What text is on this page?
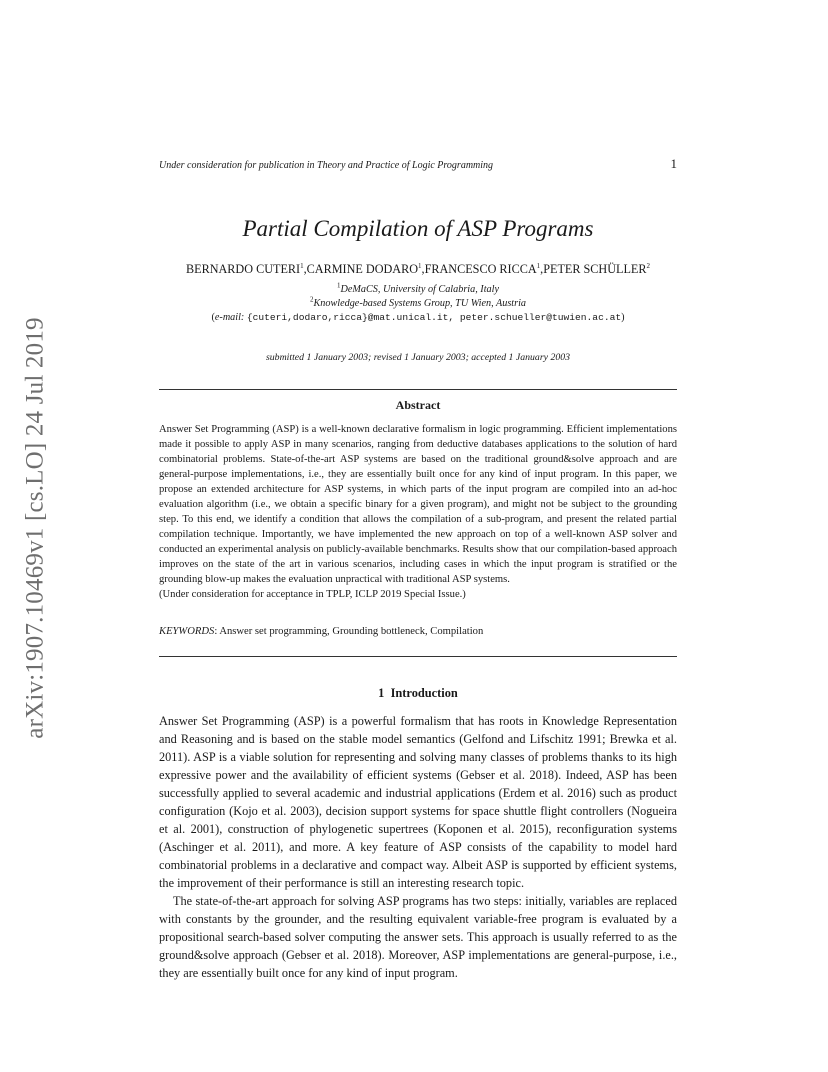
arXiv:1907.10469v1 [cs.LO] 24 Jul 2019
Under consideration for publication in Theory and Practice of Logic Programming	1
Partial Compilation of ASP Programs
BERNARDO CUTERI$^1$,CARMINE DODARO$^1$,FRANCESCO RICCA$^1$,PETER SCHÜLLER$^2$
$^1$DeMaCS, University of Calabria, Italy
$^2$Knowledge-based Systems Group, TU Wien, Austria
(e-mail: {cuteri,dodaro,ricca}@mat.unical.it, peter.schueller@tuwien.ac.at)
submitted 1 January 2003; revised 1 January 2003; accepted 1 January 2003
Abstract

Answer Set Programming (ASP) is a well-known declarative formalism in logic programming. Efficient implementations made it possible to apply ASP in many scenarios, ranging from deductive databases applications to the solution of hard combinatorial problems. State-of-the-art ASP systems are based on the traditional ground&solve approach and are general-purpose implementations, i.e., they are essentially built once for any kind of input program. In this paper, we propose an extended architecture for ASP systems, in which parts of the input program are compiled into an ad-hoc evaluation algorithm (i.e., we obtain a specific binary for a given program), and might not be subject to the grounding step. To this end, we identify a condition that allows the compilation of a sub-program, and present the related partial compilation technique. Importantly, we have implemented the new approach on top of a well-known ASP solver and conducted an experimental analysis on publicly-available benchmarks. Results show that our compilation-based approach improves on the state of the art in various scenarios, including cases in which the input program is stratified or the grounding blow-up makes the evaluation unpractical with traditional ASP systems.

(Under consideration for acceptance in TPLP, ICLP 2019 Special Issue.)

KEYWORDS: Answer set programming, Grounding bottleneck, Compilation
1 Introduction

Answer Set Programming (ASP) is a powerful formalism that has roots in Knowledge Representation and Reasoning and is based on the stable model semantics (Gelfond and Lifschitz 1991; Brewka et al. 2011). ASP is a viable solution for representing and solving many classes of problems thanks to its high expressive power and the availability of efficient systems (Gebser et al. 2018). Indeed, ASP has been successfully applied to several academic and industrial applications (Erdem et al. 2016) such as product configuration (Kojo et al. 2003), decision support systems for space shuttle flight controllers (Nogueira et al. 2001), construction of phylogenetic supertrees (Koponen et al. 2015), reconfiguration systems (Aschinger et al. 2011), and more. A key feature of ASP consists of the capability to model hard combinatorial problems in a declarative and compact way. Albeit ASP is supported by efficient systems, the improvement of their performance is still an interesting research topic.

The state-of-the-art approach for solving ASP programs has two steps: initially, variables are replaced with constants by the grounder, and the resulting equivalent variable-free program is evaluated by a propositional search-based solver computing the answer sets. This approach is usually referred to as the ground&solve approach (Gebser et al. 2018). Moreover, ASP implementations are general-purpose, i.e., they are essentially built once for any kind of input program.
